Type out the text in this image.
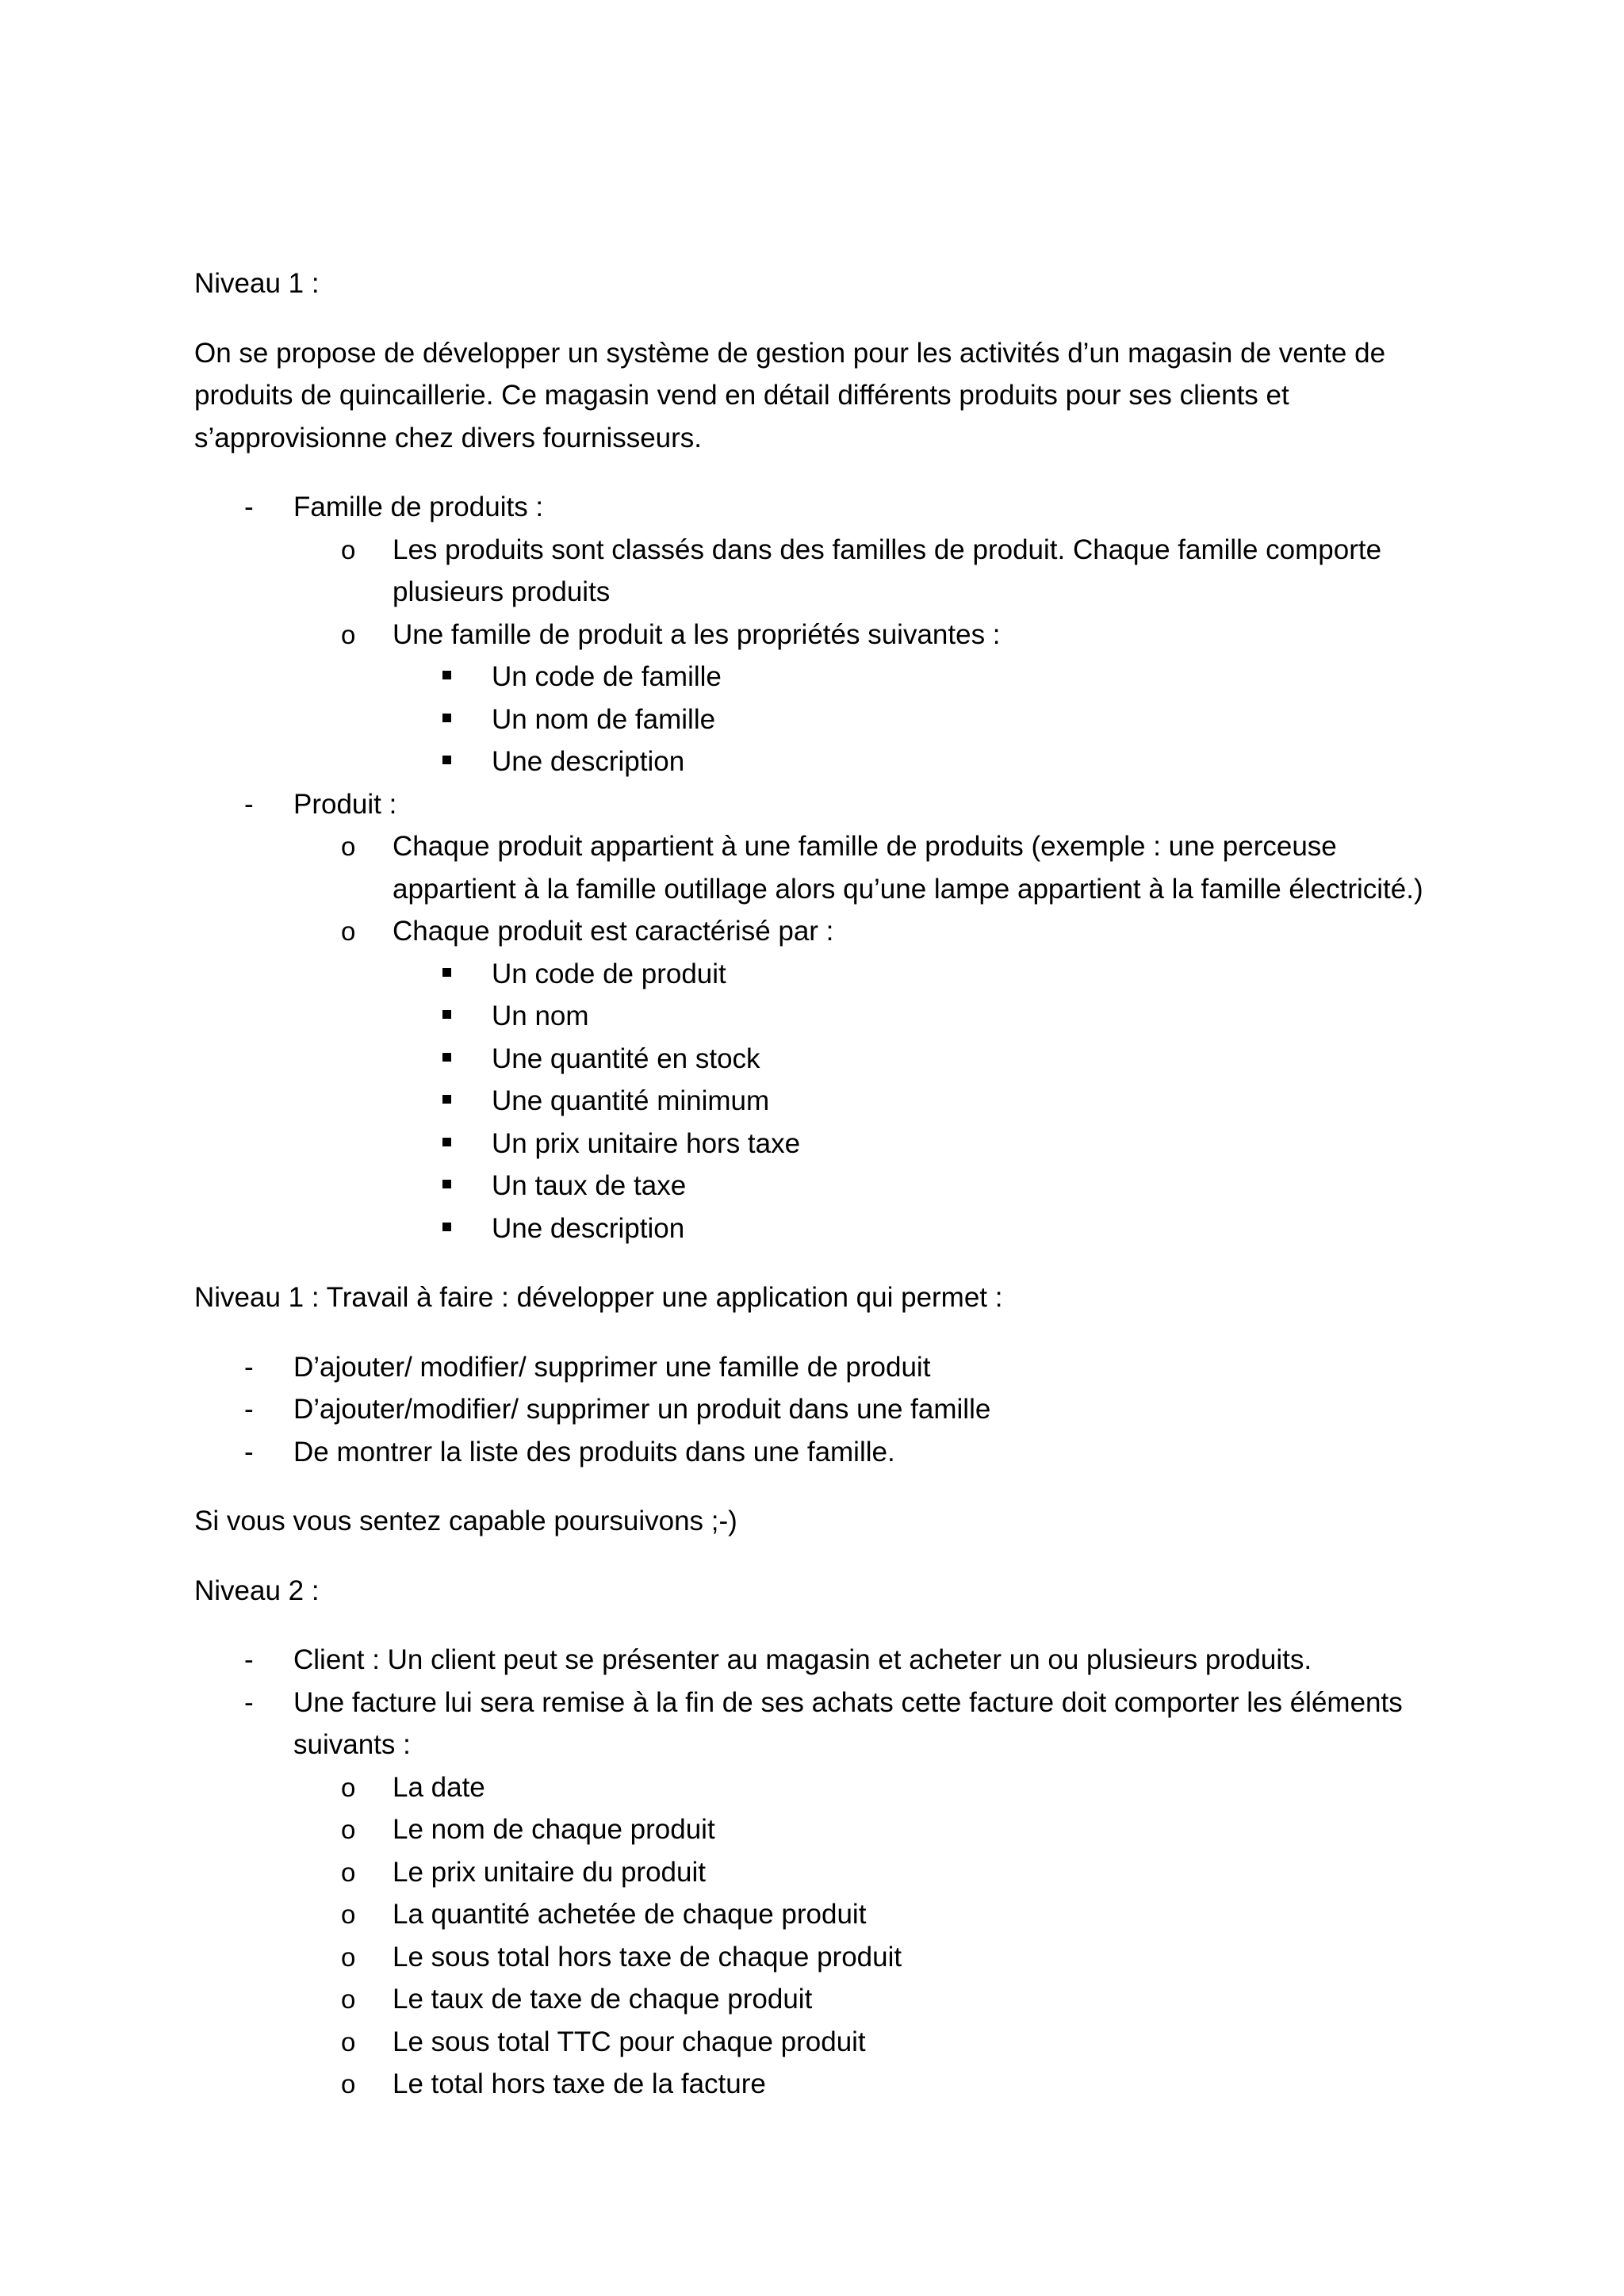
Niveau 1 :

On se propose de développer un système de gestion pour les activités d’un magasin de vente de produits de quincaillerie. Ce magasin vend en détail différents produits pour ses clients et s’approvisionne chez divers fournisseurs.

- Famille de produits :
o Les produits sont classés dans des familles de produit. Chaque famille comporte plusieurs produits
o Une famille de produit a les propriétés suivantes :
Un code de famille
Un nom de famille
Une description
- Produit :
o Chaque produit appartient à une famille de produits (exemple : une perceuse appartient à la famille outillage alors qu’une lampe appartient à la famille électricité.)
o Chaque produit est caractérisé par :
Un code de produit
Un nom
Une quantité en stock
Une quantité minimum
Un prix unitaire hors taxe
Un taux de taxe
Une description

Niveau 1 : Travail à faire : développer une application qui permet :

- D’ajouter/ modifier/ supprimer une famille de produit
- D’ajouter/modifier/ supprimer un produit dans une famille
- De montrer la liste des produits dans une famille.

Si vous vous sentez capable poursuivons ;-)

Niveau 2 :

- Client : Un client peut se présenter au magasin et acheter un ou plusieurs produits.
- Une facture lui sera remise à la fin de ses achats cette facture doit comporter les éléments suivants :
o La date
o Le nom de chaque produit
o Le prix unitaire du produit
o La quantité achetée de chaque produit
o Le sous total hors taxe de chaque produit
o Le taux de taxe de chaque produit
o Le sous total TTC pour chaque produit
o Le total hors taxe de la facture
